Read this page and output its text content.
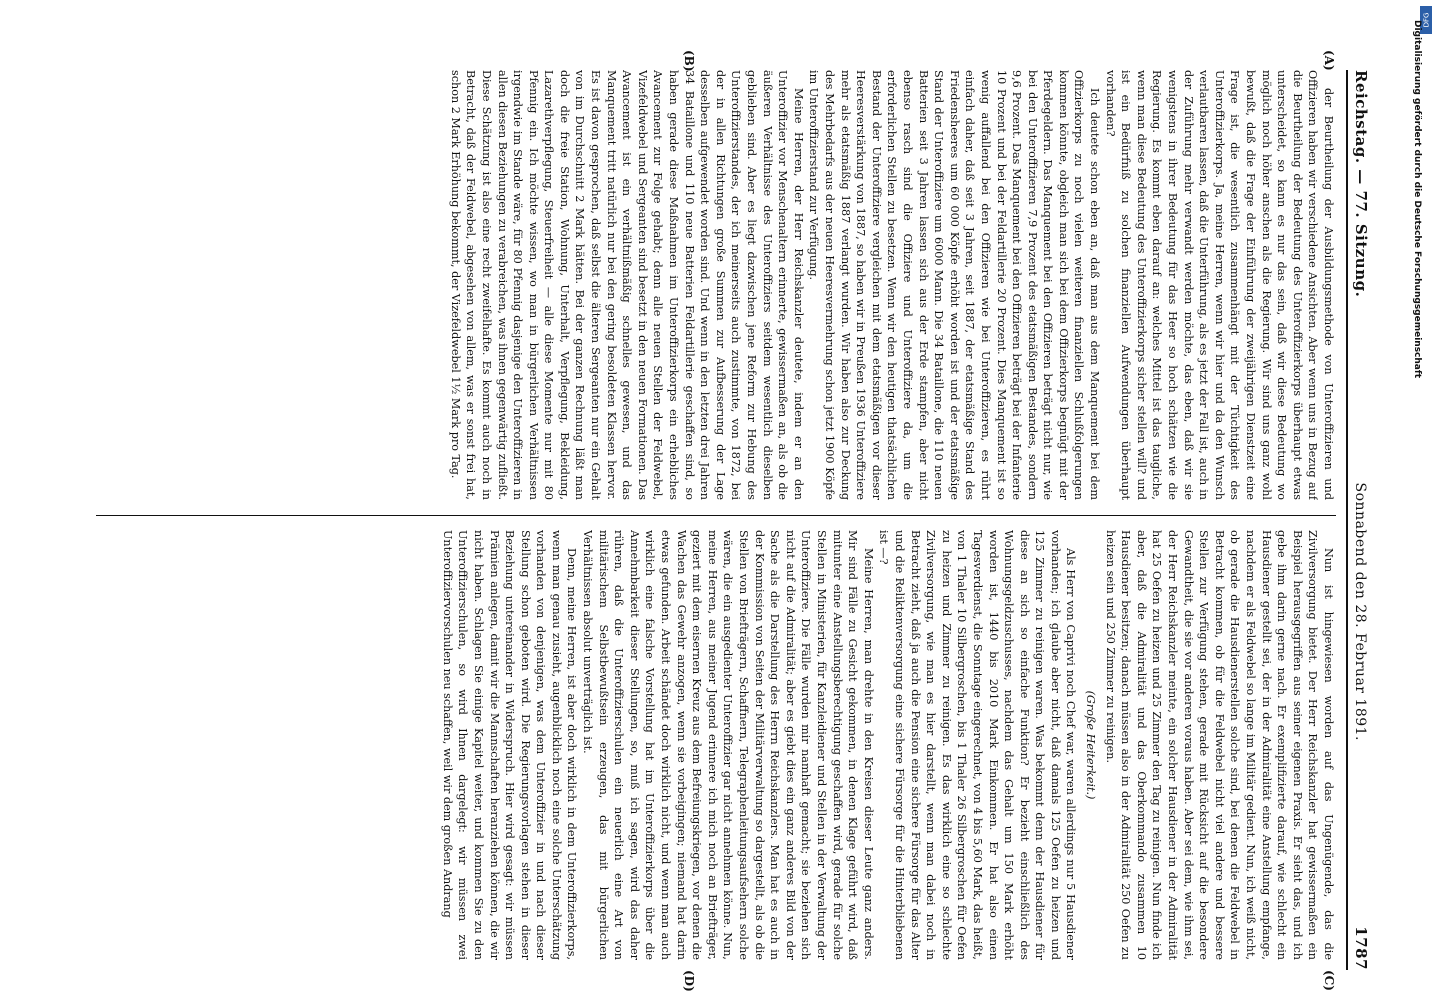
Reichstag. — 77. Sitzung.
Sonnabend den 28. Februar 1891.
1787
(A)
(B)
(C)
(D)

der Beurtheilung der Ausbildungsmethode von Unteroffizieren und Offizieren haben wir verschiedene Ansichten. Aber wenn uns in Bezug auf die Beurtheilung der Bedeutung des Unteroffizierkorps überhaupt etwas unterscheidet, so kann es nur das sein, daß wir diese Bedeutung wo möglich noch höher anschen als die Regierung. Wir sind uns ganz wohl bewußt, daß die Frage der Einführung der zweijährigen Dienstzeit eine Frage ist, die wesentlich zusammenhängt mit der Tüchtigkeit des Unteroffizierkorps. Ja, meine Herren, wenn wir hier und da den Wunsch verlautbaren lassen, daß die Unterführung, als es jetzt der Fall ist, auch in der Zuführung mehr verwandt werden möchte, das eben, daß wir sie wenigstens in ihrer Bedeutung für das Heer so hoch schätzen wie die Regierung. Es kommt eben darauf an: welches Mittel ist das taugliche, wenn man diese Bedeutung des Unteroffizierkorps sicher stellen will? und ist ein Bedürfniß zu solchen finanziellen Aufwendungen überhaupt vorhanden?

Ich deutete schon eben an, daß man aus dem Manquement bei dem Offizierkorps zu noch vielen weiteren finanziellen Schlußfolgerungen kommen könnte, obgleich man sich bei dem Offizierkorps begnügt mit der Pferdegeldern. Das Manquement bei den Offizieren beträgt nicht nur, wie bei den Unteroffizieren 7,9 Prozent des etatsmäßigen Bestandes, sondern 9,6 Prozent. Das Manquement bei den Offizieren beträgt bei der Infanterie 10 Prozent und bei der Feldartillerie 20 Prozent. Dies Manquement ist so wenig auffallend bei den Offizieren wie bei Unteroffizieren, es rührt einfach daher, daß seit 3 Jahren, seit 1887, der etatsmäßige Stand des Friedensheeres um 60 000 Köpfe erhöht worden ist und der etatsmäßige Stand der Unteroffiziere um 6000 Mann. Die 34 Bataillone, die 110 neuen Batterien seit 3 Jahren lassen sich aus der Erde stampfen, aber nicht ebenso rasch sind die Offiziere und Unteroffiziere da, um die erforderlichen Stellen zu besetzen. Wenn wir den heutigen thatsächlichen Bestand der Unteroffiziere vergleichen mit dem etatsmäßigen vor dieser Heeresverstärkung von 1887, so haben wir in Preußen 1936 Unteroffiziere mehr als etatsmäßig 1887 verlangt wurden. Wir haben also zur Deckung des Mehrbedarfs aus der neuen Heeresvermehrung schon jetzt 1900 Köpfe im Unteroffizierstand zur Verfügung.

Meine Herren, der Herr Reichskanzler deutete, indem er an den Unteroffizier vor Menschenaltern erinnerte, gewissermaßen an, als ob die äußeren Verhältnisse des Unteroffiziers seitdem wesentlich dieselben geblieben sind. Aber es liegt dazwischen jene Reform zur Hebung des Unteroffizierstandes, der ich meinerseits auch zustimmte, von 1872, bei der in allen Richtungen große Summen zur Aufbesserung der Lage desselben aufgewendet worden sind. Und wenn in den letzten drei Jahren 34 Bataillone und 110 neue Batterien Feldartillerie geschaffen sind, so haben gerade diese Maßnahmen im Unteroffizierkorps ein erhebliches Avancement zur Folge gehabt; denn alle neuen Stellen der Feldwebel, Vizefeldwebel und Sergeanten sind besetzt in den neuen Formationen. Das Avancement ist ein verhältnißmäßig schnelles gewesen, und das Manquement tritt natürlich nur bei den gering besoldeten Klassen hervor. Es ist davon gesprochen, daß selbst die älteren Sergeanten nur ein Gehalt von im Durchschnitt 2 Mark hätten. Bei der ganzen Rechnung läßt man doch die freie Station, Wohnung, Unterhalt, Verpflegung, Bekleidung, Lazarethverpflegung, Steuerfreiheit — alle diese Momente nur mit 80 Pfennig ein. Ich möchte wissen, wo man in bürgerlichen Verhältnissen irgendwie im Stande wäre, für 80 Pfennig dasjenige den Unteroffizieren in allen diesen Beziehungen zu verabreichen, was ihnen gegenwärtig zufließt. Diese Schätzung ist also eine recht zweifelhafte. Es kommt auch noch in Betracht, daß der Feldwebel, abgesehen von allem, was er sonst frei hat, schon 2 Mark Erhöhung bekommt, der Vizefeldwebel 1½ Mark pro Tag.

Nun ist hingewiesen worden auf das Ungenügende, das die Zivilversorgung bietet. Der Herr Reichskanzler hat gewissermaßen ein Beispiel herausgegriffen aus seiner eigenen Praxis. Er sieht das, und ich gebe ihm darin gerne nach. Er exemplifizierte darauf, wie schlecht ein Hausdiener gestellt sei, der in der Admiralität eine Anstellung empfange, nachdem er als Feldwebel so lange im Militär gedient. Nun, ich weiß nicht, ob gerade die Hausdienerstellen solche sind, bei denen die Feldwebel in Betracht kommen, ob für die Feldwebel nicht viel andere und bessere Stellen zur Verfügung stehen, gerade mit Rücksicht auf die besondere Gewandtheit, die sie vor anderen voraus haben. Aber sei dem, wie ihm sei, der Herr Reichskanzler meinte, ein solcher Hausdiener in der Admiralität hat 25 Oefen zu heizen und 25 Zimmer den Tag zu reinigen. Nun finde ich aber, daß die Admiralität und das Oberkommando zusammen 10 Hausdiener besitzen; danach müssen also in der Admiralität 250 Oefen zu heizen sein und 250 Zimmer zu reinigen.

(Große Heiterkeit.)

Als Herr von Caprivi noch Chef war, waren allerdings nur 5 Hausdiener vorhanden; ich glaube aber nicht, daß damals 125 Oefen zu heizen und 125 Zimmer zu reinigen waren. Was bekommt denn der Hausdiener für diese an sich so einfache Funktion? Er bezieht einschließlich des Wohnungsgeldzuschusses, nachdem das Gehalt um 150 Mark erhöht worden ist, 1440 bis 2010 Mark Einkommen. Er hat also einen Tagesverdienst, die Sonntage eingerechnet, von 4 bis 5,60 Mark, das heißt, von 1 Thaler 10 Silbergroschen, bis 1 Thaler 26 Silbergroschen für Oefen zu heizen und Zimmer zu reinigen. Es das wirklich eine so schlechte Zivilversorgung, wie man es hier darstellt, wenn man dabei noch in Betracht zieht, daß ja auch die Pension eine sichere Fürsorge für das Alter und die Reliktenversorgung eine sichere Fürsorge für die Hinterbliebenen ist —?

Meine Herren, man drehte in den Kreisen dieser Leute ganz anders. Mir sind Fälle zu Gesicht gekommen, in denen Klage geführt wird, daß mitunter eine Anstellungsberechtigung geschaffen wird, gerade für solche Stellen in Ministerien, für Kanzleidiener und Stellen in der Verwaltung der Unteroffiziere. Die Fälle wurden mir namhaft gemacht; sie beziehen sich nicht auf die Admiralität; aber es giebt dies ein ganz anderes Bild von der Sache als die Darstellung des Herrn Reichskanzlers. Man hat es auch in der Kommission von Seiten der Militärverwaltung so dargestellt, als ob die Stellen von Briefträgern, Schaffnern, Telegraphenleitungsaufsehern solche wären, die ein ausgedienter Unteroffizier gar nicht annehmen könne. Nun, meine Herren, aus meiner Jugend erinnere ich mich noch an Briefträger, geziert mit dem eisernen Kreuz aus dem Befreiungskriegen, vor denen die Wachen das Gewehr anzogen, wenn sie vorbeigingen; niemand hat darin etwas gefunden. Arbeit schändet doch wirklich nicht, und wenn man auch wirklich eine falsche Vorstellung hat im Unteroffizierkorps über die Annehmbarkeit dieser Stellungen, so, muß ich sagen, wird das daher rühren, daß die Unteroffizierschulen ein neuerlich eine Art von militärischem Selbstbewußtsein erzeugen, das mit bürgerlichen Verhältnissen absolut unverträglich ist.

Denn, meine Herren, ist aber doch wirklich in dem Unteroffizierkorps, wenn man genau zusieht, augenblicklich noch eine solche Unterschätzung vorhanden von denjenigen, was dem Unteroffizier in und nach dieser Stellung schon geboten wird. Die Regierungsvorlagen stehen in dieser Beziehung untereinander in Widerspruch. Hier wird gesagt: wir müssen Prämien anlegen, damit wir die Mannschaften heranziehen können, die wir nicht haben. Schlagen Sie einige Kapitel weiter, und kommen Sie zu den Unteroffizierschulen, so wird Ihnen dargelegt: wir müssen zwei Unteroffiziervorschulen neu schaffen, weil wir dem großen Andrang

DFG
Digitalisierung gefördert durch die Deutsche Forschungsgemeinschaft
